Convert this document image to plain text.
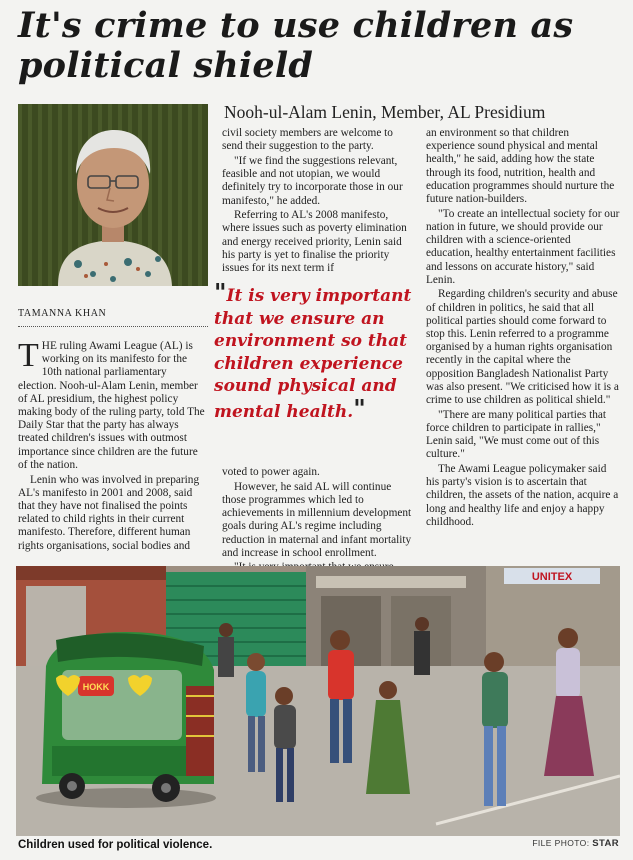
It's crime to use children as political shield
Nooh-ul-Alam Lenin, Member, AL Presidium
TAMANNA KHAN

THE ruling Awami League (AL) is working on its manifesto for the 10th national parliamentary election. Nooh-ul-Alam Lenin, member of AL presidium, the highest policy making body of the ruling party, told The Daily Star that the party has always treated children's issues with outmost importance since children are the future of the nation.

Lenin who was involved in preparing AL's manifesto in 2001 and 2008, said that they have not finalised the points related to child rights in their current manifesto. Therefore, different human rights organisations, social bodies and

civil society members are welcome to send their suggestion to the party.

"If we find the suggestions relevant, feasible and not utopian, we would definitely try to incorporate those in our manifesto," he added.

Referring to AL's 2008 manifesto, where issues such as poverty elimination and energy received priority, Lenin said his party is yet to finalise the priority issues for its next term if

"It is very important that we ensure an environment so that children experience sound physical and mental health."

voted to power again.

However, he said AL will continue those programmes which led to achievements in millennium development goals during AL's regime including reduction in maternal and infant mortality and increase in school enrollment.

an environment so that children experience sound physical and mental health," he said, adding how the state through its food, nutrition, health and education programmes should nurture the future nation-builders.

"To create an intellectual society for our nation in future, we should provide our children with a science-oriented education, healthy entertainment facilities and lessons on accurate history," said Lenin.

Regarding children's security and abuse of children in politics, he said that all political parties should come forward to stop this. Lenin referred to a programme organised by a human rights organisation recently in the capital where the opposition Bangladesh Nationalist Party was also present. "We criticised how it is a crime to use children as political shield."

"There are many political parties that force children to participate in rallies," Lenin said, "We must come out of this culture."

The Awami League policymaker said his party's vision is to ascertain that children, the assets of the nation, acquire a long and healthy life and enjoy a happy childhood.

UNITEX
HOKK
Children used for political violence.	FILE PHOTO: STAR
